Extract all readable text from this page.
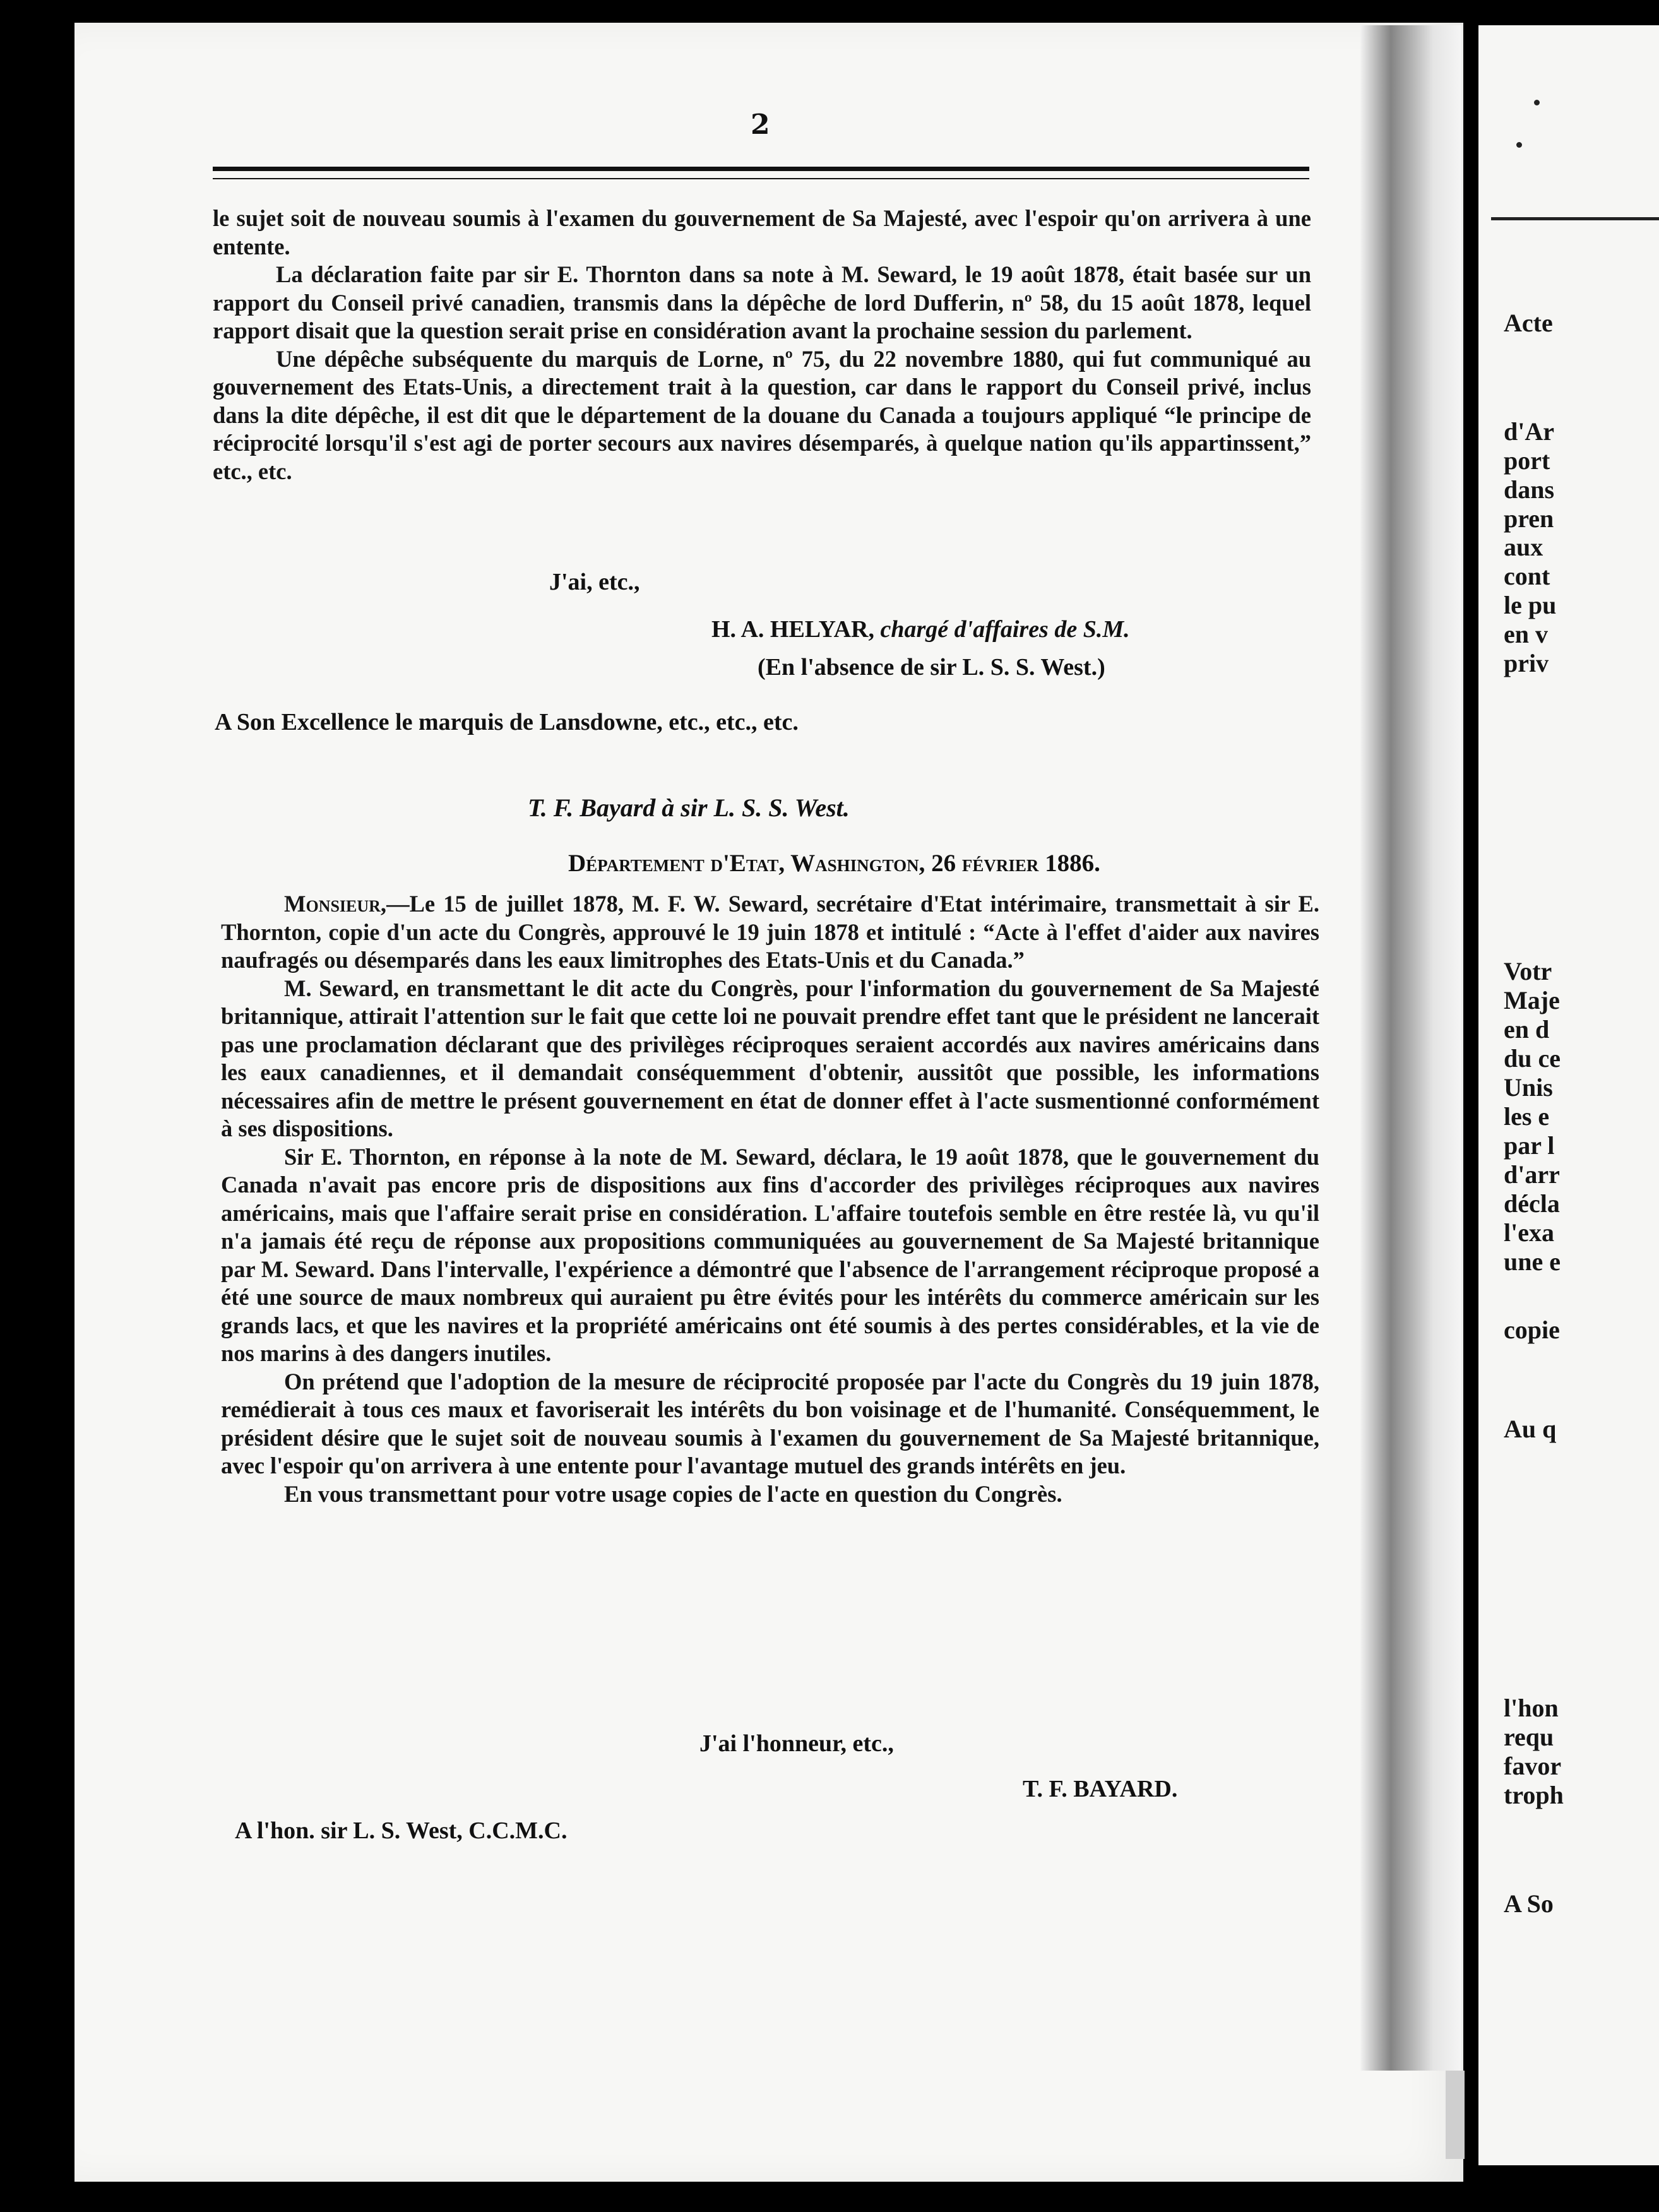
Acte
d'Ar
port
dans
pren
aux
cont
le pu
en v
priv
Votr
Maje
en d
du ce
Unis
les e
par l
d'arr
décla
l'exa
une e
copie
Au q
l'hon
requ
favor
troph
A So
2

le sujet soit de nouveau soumis à l'examen du gouvernement de Sa Majesté, avec l'espoir qu'on arrivera à une entente.

La déclaration faite par sir E. Thornton dans sa note à M. Seward, le 19 août 1878, était basée sur un rapport du Conseil privé canadien, transmis dans la dépêche de lord Dufferin, nº 58, du 15 août 1878, lequel rapport disait que la question serait prise en considération avant la prochaine session du parlement.

Une dépêche subséquente du marquis de Lorne, nº 75, du 22 novembre 1880, qui fut communiqué au gouvernement des Etats-Unis, a directement trait à la question, car dans le rapport du Conseil privé, inclus dans la dite dépêche, il est dit que le département de la douane du Canada a toujours appliqué “le principe de réciprocité lorsqu'il s'est agi de porter secours aux navires désemparés, à quelque nation qu'ils appartinssent,” etc., etc.

J'ai, etc.,
H. A. HELYAR, chargé d'affaires de S.M.
(En l'absence de sir L. S. S. West.)
A Son Excellence le marquis de Lansdowne, etc., etc., etc.
T. F. Bayard à sir L. S. S. West.
Département d'Etat, Washington, 26 février 1886.

Monsieur,—Le 15 de juillet 1878, M. F. W. Seward, secrétaire d'Etat intérimaire, transmettait à sir E. Thornton, copie d'un acte du Congrès, approuvé le 19 juin 1878 et intitulé : “Acte à l'effet d'aider aux navires naufragés ou désemparés dans les eaux limitrophes des Etats-Unis et du Canada.”

M. Seward, en transmettant le dit acte du Congrès, pour l'information du gouvernement de Sa Majesté britannique, attirait l'attention sur le fait que cette loi ne pouvait prendre effet tant que le président ne lancerait pas une proclamation déclarant que des privilèges réciproques seraient accordés aux navires américains dans les eaux canadiennes, et il demandait conséquemment d'obtenir, aussitôt que possible, les informations nécessaires afin de mettre le présent gouvernement en état de donner effet à l'acte susmentionné conformément à ses dispositions.

Sir E. Thornton, en réponse à la note de M. Seward, déclara, le 19 août 1878, que le gouvernement du Canada n'avait pas encore pris de dispositions aux fins d'accorder des privilèges réciproques aux navires américains, mais que l'affaire serait prise en considération. L'affaire toutefois semble en être restée là, vu qu'il n'a jamais été reçu de réponse aux propositions communiquées au gouvernement de Sa Majesté britannique par M. Seward. Dans l'intervalle, l'expérience a démontré que l'absence de l'arrangement réciproque proposé a été une source de maux nombreux qui auraient pu être évités pour les intérêts du commerce américain sur les grands lacs, et que les navires et la propriété américains ont été soumis à des pertes considérables, et la vie de nos marins à des dangers inutiles.

On prétend que l'adoption de la mesure de réciprocité proposée par l'acte du Congrès du 19 juin 1878, remédierait à tous ces maux et favoriserait les intérêts du bon voisinage et de l'humanité. Conséquemment, le président désire que le sujet soit de nouveau soumis à l'examen du gouvernement de Sa Majesté britannique, avec l'espoir qu'on arrivera à une entente pour l'avantage mutuel des grands intérêts en jeu.

En vous transmettant pour votre usage copies de l'acte en question du Congrès.

J'ai l'honneur, etc.,
T. F. BAYARD.
A l'hon. sir L. S. West, C.C.M.C.
